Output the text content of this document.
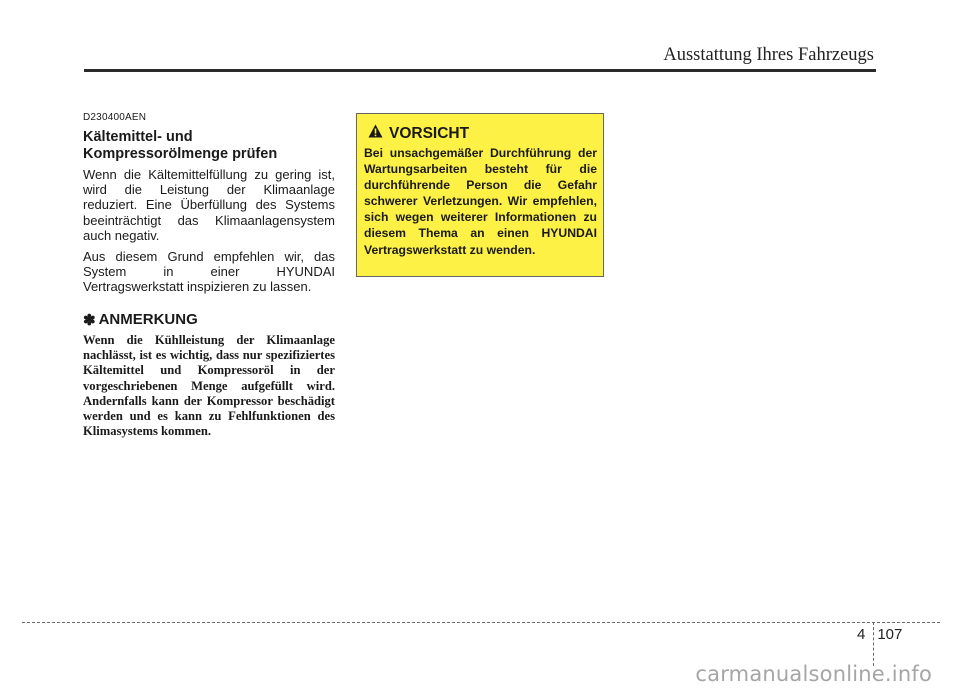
Ausstattung Ihres Fahrzeugs

D230400AEN

Kältemittel- und Kompressorölmenge prüfen

Wenn die Kältemittelfüllung zu gering ist, wird die Leistung der Klimaanlage reduziert. Eine Überfüllung des Systems beeinträchtigt das Klimaanlagensystem auch negativ.

Aus diesem Grund empfehlen wir, das System in einer HYUNDAI Vertragswerkstatt inspizieren zu lassen.

✽ ANMERKUNG

Wenn die Kühlleistung der Klimaanlage nachlässt, ist es wichtig, dass nur spezifiziertes Kältemittel und Kompressoröl in der vorgeschriebenen Menge aufgefüllt wird. Andernfalls kann der Kompressor beschädigt werden und es kann zu Fehlfunktionen des Klimasystems kommen.

VORSICHT

Bei unsachgemäßer Durchführung der Wartungsarbeiten besteht für die durchführende Person die Gefahr schwerer Verletzungen. Wir empfehlen, sich wegen weiterer Informationen zu diesem Thema an einen HYUNDAI Vertragswerkstatt zu wenden.

4 107
carmanualsonline.info
